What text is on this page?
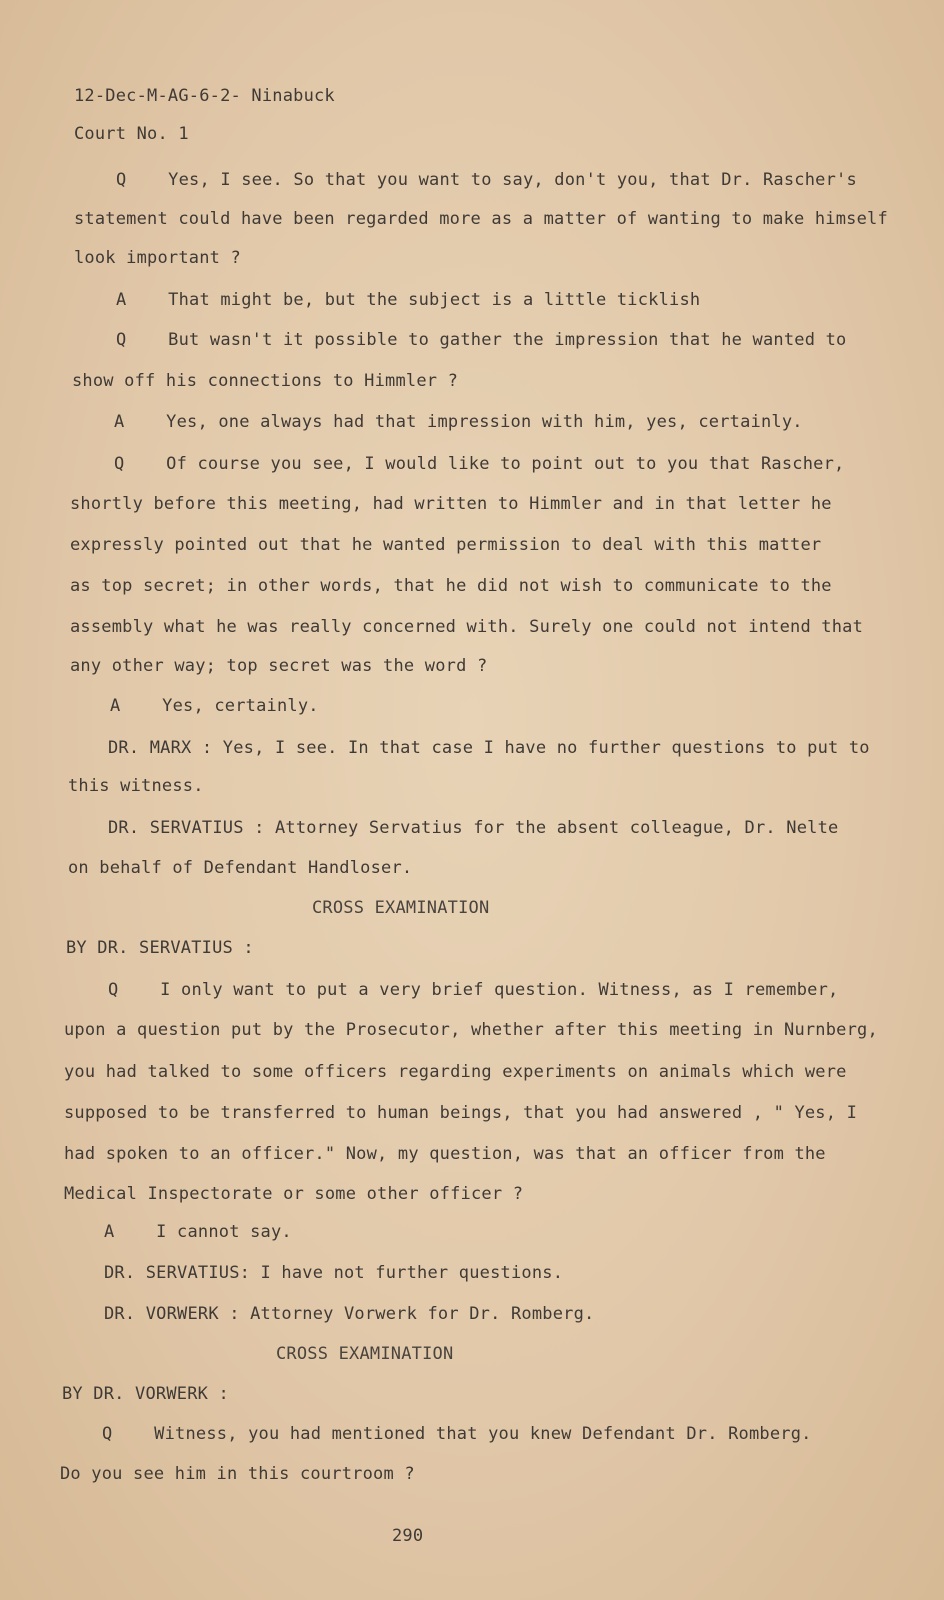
12-Dec-M-AG-6-2- Ninabuck
Court No. 1
Q    Yes, I see. So that you want to say, don't you, that Dr. Rascher's
statement could have been regarded more as a matter of wanting to make himself
look important ?
A    That might be, but the subject is a little ticklish
Q    But wasn't it possible to gather the impression that he wanted to
show off his connections to Himmler ?
A    Yes, one always had that impression with him, yes, certainly.
Q    Of course you see, I would like to point out to you that Rascher,
shortly before this meeting, had written to Himmler and in that letter he
expressly pointed out that he wanted permission to deal with this matter
as top secret; in other words, that he did not wish to communicate to the
assembly what he was really concerned with. Surely one could not intend that
any other way; top secret was the word ?
A    Yes, certainly.
DR. MARX : Yes, I see. In that case I have no further questions to put to
this witness.
DR. SERVATIUS : Attorney Servatius for the absent colleague, Dr. Nelte
on behalf of Defendant Handloser.
CROSS EXAMINATION
BY DR. SERVATIUS :
Q    I only want to put a very brief question. Witness, as I remember,
upon a question put by the Prosecutor, whether after this meeting in Nurnberg,
you had talked to some officers regarding experiments on animals which were
supposed to be transferred to human beings, that you had answered , " Yes, I
had spoken to an officer." Now, my question, was that an officer from the
Medical Inspectorate or some other officer ?
A    I cannot say.
DR. SERVATIUS: I have not further questions.
DR. VORWERK : Attorney Vorwerk for Dr. Romberg.
CROSS EXAMINATION
BY DR. VORWERK :
Q    Witness, you had mentioned that you knew Defendant Dr. Romberg.
Do you see him in this courtroom ?
290
